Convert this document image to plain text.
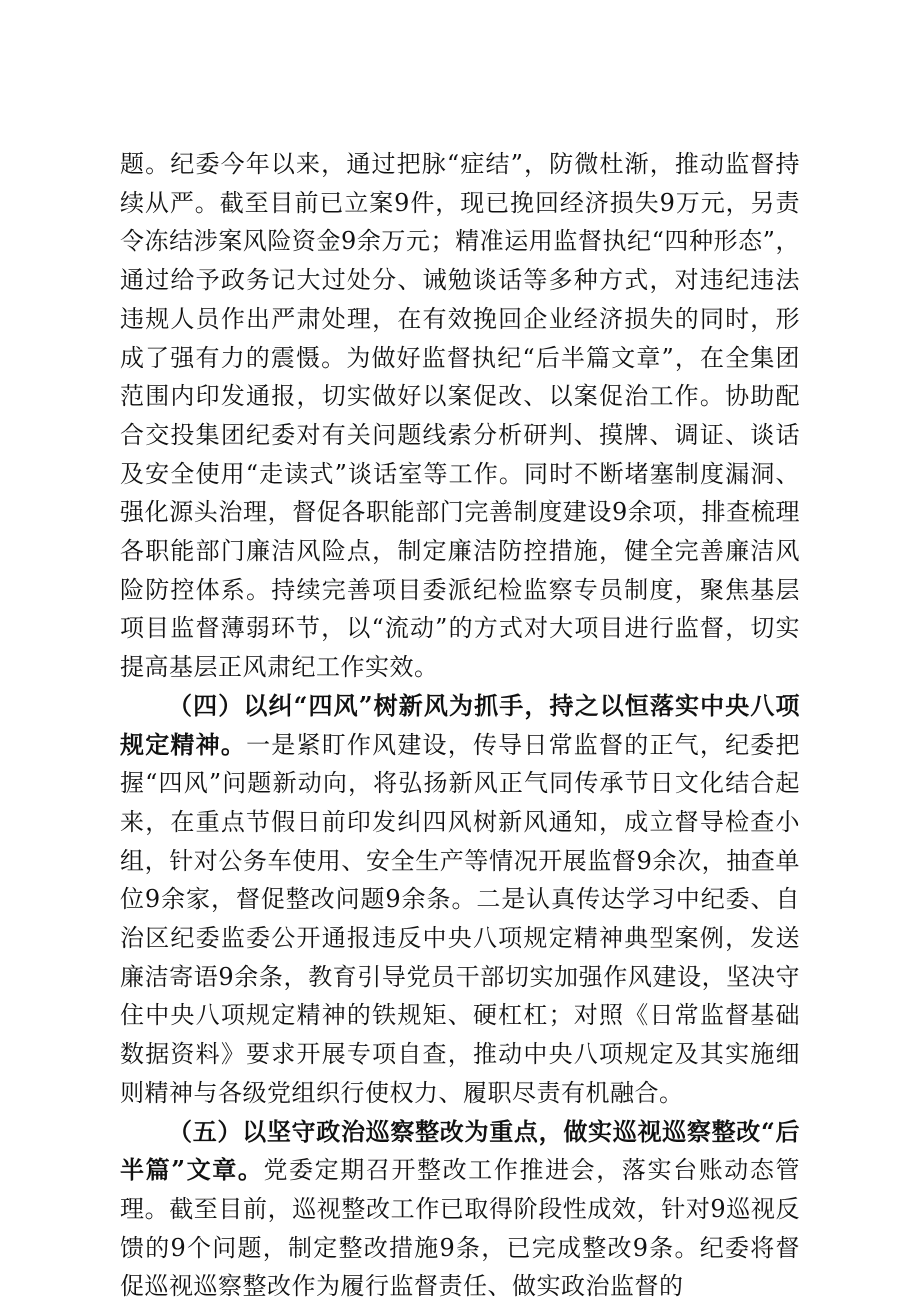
题。纪委今年以来，通过把脉“症结”，防微杜渐，推动监督持续从严。截至目前已立案9件，现已挽回经济损失9万元，另责令冻结涉案风险资金9余万元；精准运用监督执纪“四种形态”，通过给予政务记大过处分、诫勉谈话等多种方式，对违纪违法违规人员作出严肃处理，在有效挽回企业经济损失的同时，形成了强有力的震慑。为做好监督执纪“后半篇文章”，在全集团范围内印发通报，切实做好以案促改、以案促治工作。协助配合交投集团纪委对有关问题线索分析研判、摸牌、调证、谈话及安全使用“走读式”谈话室等工作。同时不断堵塞制度漏洞、强化源头治理，督促各职能部门完善制度建设9余项，排查梳理各职能部门廉洁风险点，制定廉洁防控措施，健全完善廉洁风险防控体系。持续完善项目委派纪检监察专员制度，聚焦基层项目监督薄弱环节，以“流动”的方式对大项目进行监督，切实提高基层正风肃纪工作实效。

（四）以纠“四风”树新风为抓手，持之以恒落实中央八项规定精神。一是紧盯作风建设，传导日常监督的正气，纪委把握“四风”问题新动向，将弘扬新风正气同传承节日文化结合起来，在重点节假日前印发纠四风树新风通知，成立督导检查小组，针对公务车使用、安全生产等情况开展监督9余次，抽查单位9余家，督促整改问题9余条。二是认真传达学习中纪委、自治区纪委监委公开通报违反中央八项规定精神典型案例，发送廉洁寄语9余条，教育引导党员干部切实加强作风建设，坚决守住中央八项规定精神的铁规矩、硬杠杠；对照《日常监督基础数据资料》要求开展专项自查，推动中央八项规定及其实施细则精神与各级党组织行使权力、履职尽责有机融合。

（五）以坚守政治巡察整改为重点，做实巡视巡察整改“后半篇”文章。党委定期召开整改工作推进会，落实台账动态管理。截至目前，巡视整改工作已取得阶段性成效，针对9巡视反馈的9个问题，制定整改措施9条，已完成整改9条。纪委将督促巡视巡察整改作为履行监督责任、做实政治监督的
